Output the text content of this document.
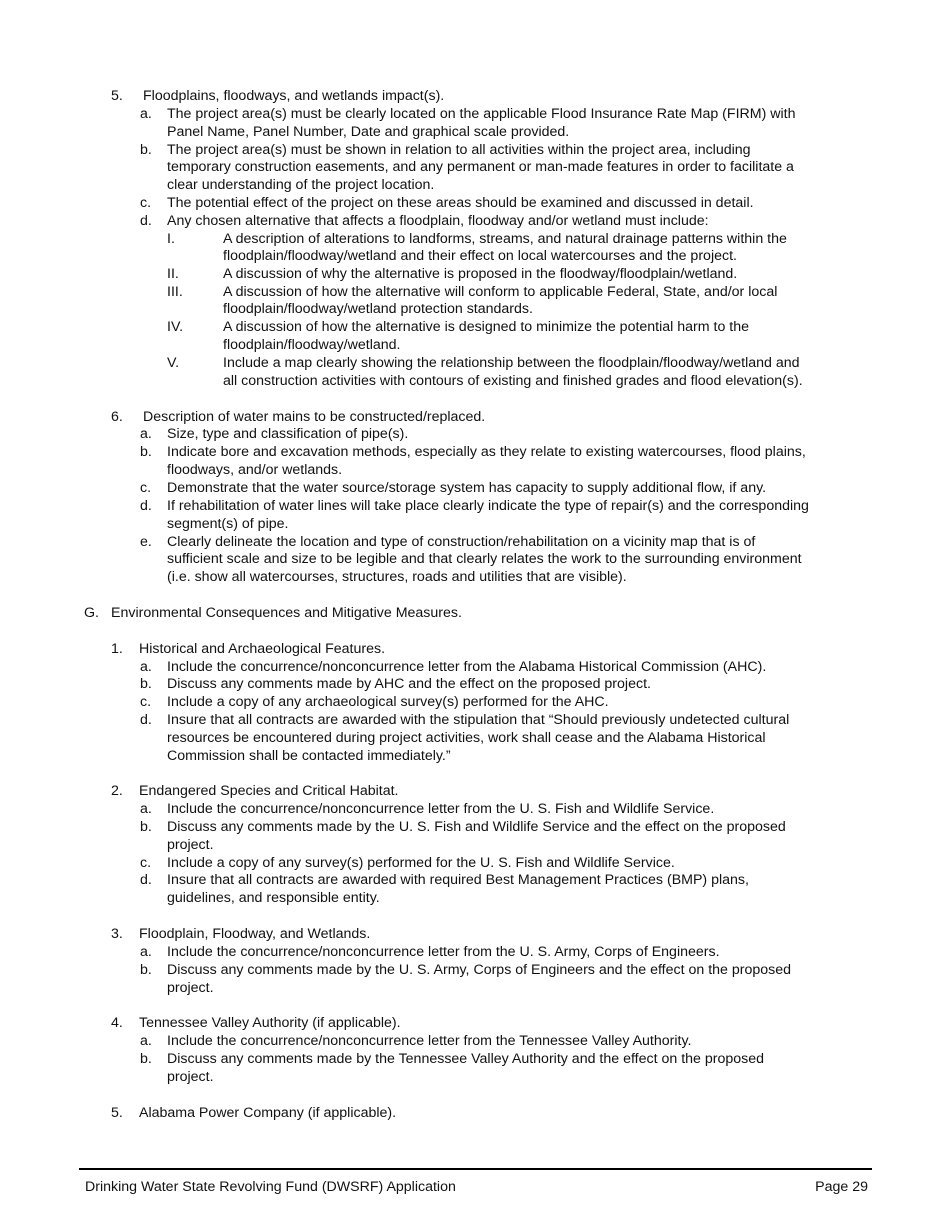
5. Floodplains, floodways, and wetlands impact(s).
a. The project area(s) must be clearly located on the applicable Flood Insurance Rate Map (FIRM) with
Panel Name, Panel Number, Date and graphical scale provided.
b. The project area(s) must be shown in relation to all activities within the project area, including
temporary construction easements, and any permanent or man-made features in order to facilitate a
clear understanding of the project location.
c. The potential effect of the project on these areas should be examined and discussed in detail.
d. Any chosen alternative that affects a floodplain, floodway and/or wetland must include:
I.	A description of alterations to landforms, streams, and natural drainage patterns within the
floodplain/floodway/wetland and their effect on local watercourses and the project.
II.	A discussion of why the alternative is proposed in the floodway/floodplain/wetland.
III.	A discussion of how the alternative will conform to applicable Federal, State, and/or local
floodplain/floodway/wetland protection standards.
IV.	A discussion of how the alternative is designed to minimize the potential harm to the
floodplain/floodway/wetland.
V.	Include a map clearly showing the relationship between the floodplain/floodway/wetland and
all construction activities with contours of existing and finished grades and flood elevation(s).
6. Description of water mains to be constructed/replaced.
a. Size, type and classification of pipe(s).
b. Indicate bore and excavation methods, especially as they relate to existing watercourses, flood plains,
floodways, and/or wetlands.
c. Demonstrate that the water source/storage system has capacity to supply additional flow, if any.
d. If rehabilitation of water lines will take place clearly indicate the type of repair(s) and the corresponding
segment(s) of pipe.
e. Clearly delineate the location and type of construction/rehabilitation on a vicinity map that is of
sufficient scale and size to be legible and that clearly relates the work to the surrounding environment
(i.e. show all watercourses, structures, roads and utilities that are visible).
G. Environmental Consequences and Mitigative Measures.
1. Historical and Archaeological Features.
a. Include the concurrence/nonconcurrence letter from the Alabama Historical Commission (AHC).
b. Discuss any comments made by AHC and the effect on the proposed project.
c. Include a copy of any archaeological survey(s) performed for the AHC.
d. Insure that all contracts are awarded with the stipulation that “Should previously undetected cultural
resources be encountered during project activities, work shall cease and the Alabama Historical
Commission shall be contacted immediately.”
2. Endangered Species and Critical Habitat.
a. Include the concurrence/nonconcurrence letter from the U. S. Fish and Wildlife Service.
b. Discuss any comments made by the U. S. Fish and Wildlife Service and the effect on the proposed
project.
c. Include a copy of any survey(s) performed for the U. S. Fish and Wildlife Service.
d. Insure that all contracts are awarded with required Best Management Practices (BMP) plans,
guidelines, and responsible entity.
3. Floodplain, Floodway, and Wetlands.
a. Include the concurrence/nonconcurrence letter from the U. S. Army, Corps of Engineers.
b. Discuss any comments made by the U. S. Army, Corps of Engineers and the effect on the proposed
project.
4. Tennessee Valley Authority (if applicable).
a. Include the concurrence/nonconcurrence letter from the Tennessee Valley Authority.
b. Discuss any comments made by the Tennessee Valley Authority and the effect on the proposed
project.
5. Alabama Power Company (if applicable).
Drinking Water State Revolving Fund (DWSRF) Application	Page 29
